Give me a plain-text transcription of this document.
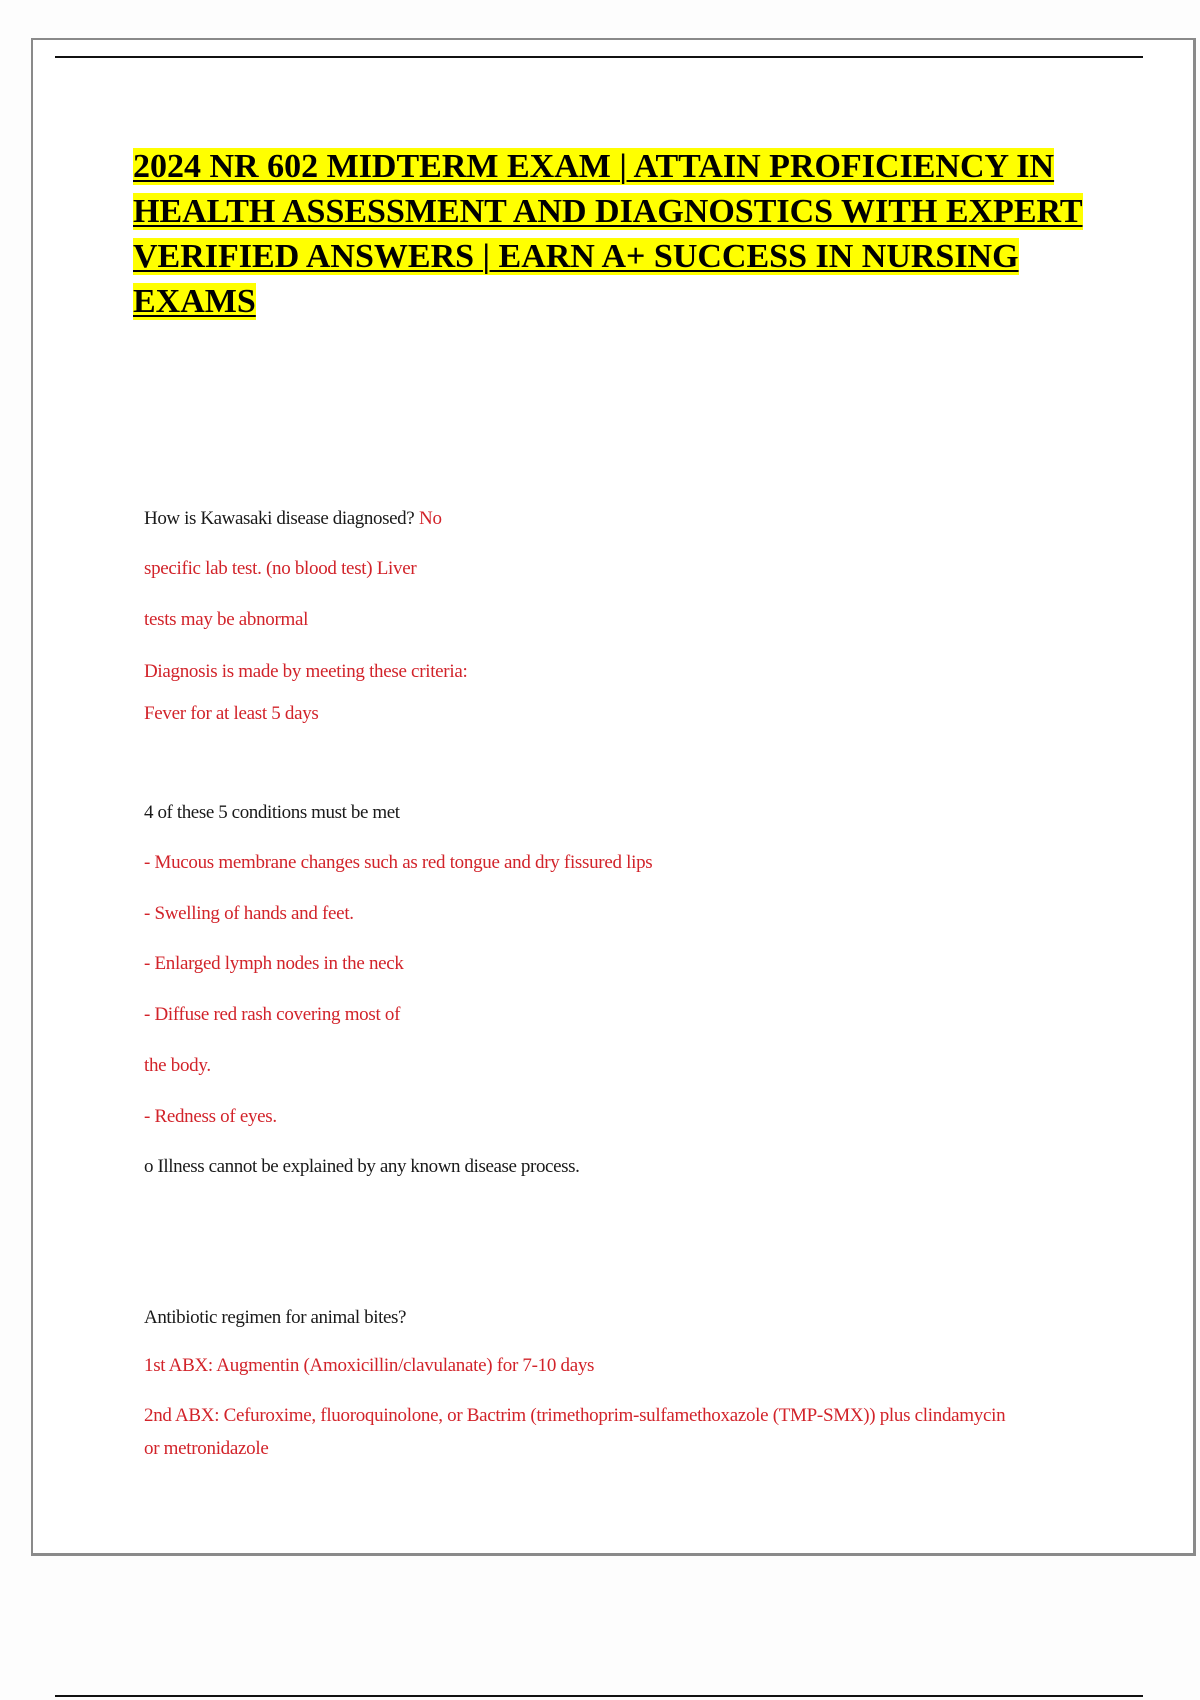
2024 NR 602 MIDTERM EXAM | ATTAIN PROFICIENCY IN HEALTH ASSESSMENT AND DIAGNOSTICS WITH EXPERT VERIFIED ANSWERS | EARN A+ SUCCESS IN NURSING EXAMS

How is Kawasaki disease diagnosed? No

specific lab test. (no blood test) Liver

tests may be abnormal

Diagnosis is made by meeting these criteria:

Fever for at least 5 days

4 of these 5 conditions must be met

- Mucous membrane changes such as red tongue and dry fissured lips

- Swelling of hands and feet.

- Enlarged lymph nodes in the neck

- Diffuse red rash covering most of

the body.

- Redness of eyes.

o Illness cannot be explained by any known disease process.

Antibiotic regimen for animal bites?

1st ABX: Augmentin (Amoxicillin/clavulanate) for 7-10 days

2nd ABX: Cefuroxime, fluoroquinolone, or Bactrim (trimethoprim-sulfamethoxazole (TMP-SMX)) plus clindamycin or metronidazole
